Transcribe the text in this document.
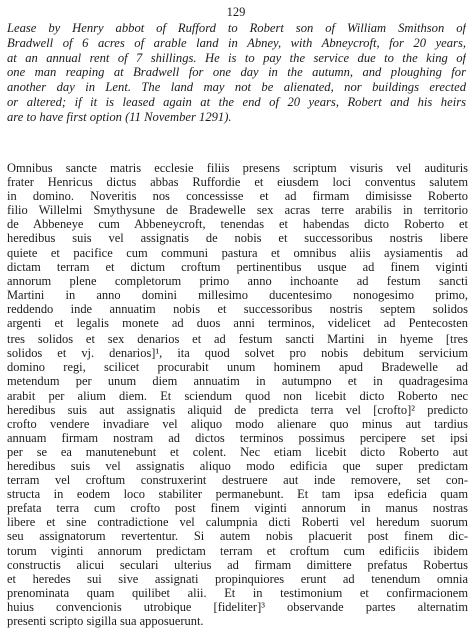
129
Lease by Henry abbot of Rufford to Robert son of William Smithson of
Bradwell of 6 acres of arable land in Abney, with Abneycroft, for 20 years,
at an annual rent of 7 shillings. He is to pay the service due to the king of
one man reaping at Bradwell for one day in the autumn, and ploughing for
another day in Lent. The land may not be alienated, nor buildings erected
or altered; if it is leased again at the end of 20 years, Robert and his heirs
are to have first option (11 November 1291).
Omnibus sancte matris ecclesie filiis presens scriptum visuris vel audituris
frater Henricus dictus abbas Ruffordie et eiusdem loci conventus salutem
in domino. Noveritis nos concessisse et ad firmam dimisisse Roberto
filio Willelmi Smythysune de Bradewelle sex acras terre arabilis in territorio
de Abbeneye cum Abbeneycroft, tenendas et habendas dicto Roberto et
heredibus suis vel assignatis de nobis et successoribus nostris libere
quiete et pacifice cum communi pastura et omnibus aliis aysiamentis ad
dictam terram et dictum croftum pertinentibus usque ad finem viginti
annorum plene completorum primo anno inchoante ad festum sancti
Martini in anno domini millesimo ducentesimo nonogesimo primo,
reddendo inde annuatim nobis et successoribus nostris septem solidos
argenti et legalis monete ad duos anni terminos, videlicet ad Pentecosten
tres solidos et sex denarios et ad festum sancti Martini in hyeme [tres
solidos et vj. denarios]¹, ita quod solvet pro nobis debitum servicium
domino regi, scilicet procurabit unum hominem apud Bradewelle ad
metendum per unum diem annuatim in autumpno et in quadragesima
arabit per alium diem. Et sciendum quod non licebit dicto Roberto nec
heredibus suis aut assignatis aliquid de predicta terra vel [crofto]² predicto
crofto vendere invadiare vel aliquo modo alienare quo minus aut tardius
annuam firmam nostram ad dictos terminos possimus percipere set ipsi
per se ea manutenebunt et colent. Nec etiam licebit dicto Roberto aut
heredibus suis vel assignatis aliquo modo edificia que super predictam
terram vel croftum construxerint destruere aut inde removere, set con-
structa in eodem loco stabiliter permanebunt. Et tam ipsa edeficia quam
prefata terra cum crofto post finem viginti annorum in manus nostras
libere et sine contradictione vel calumpnia dicti Roberti vel heredum suorum
seu assignatorum revertentur. Si autem nobis placuerit post finem dic-
torum viginti annorum predictam terram et croftum cum edificiis ibidem
constructis alicui seculari ulterius ad firmam dimittere prefatus Robertus
et heredes sui sive assignati propinquiores erunt ad tenendum omnia
prenominata quam quilibet alii. Et in testimonium et confirmacionem
huius convencionis utrobique [fideliter]³ observande partes alternatim
presenti scripto sigilla sua apposuerunt.
